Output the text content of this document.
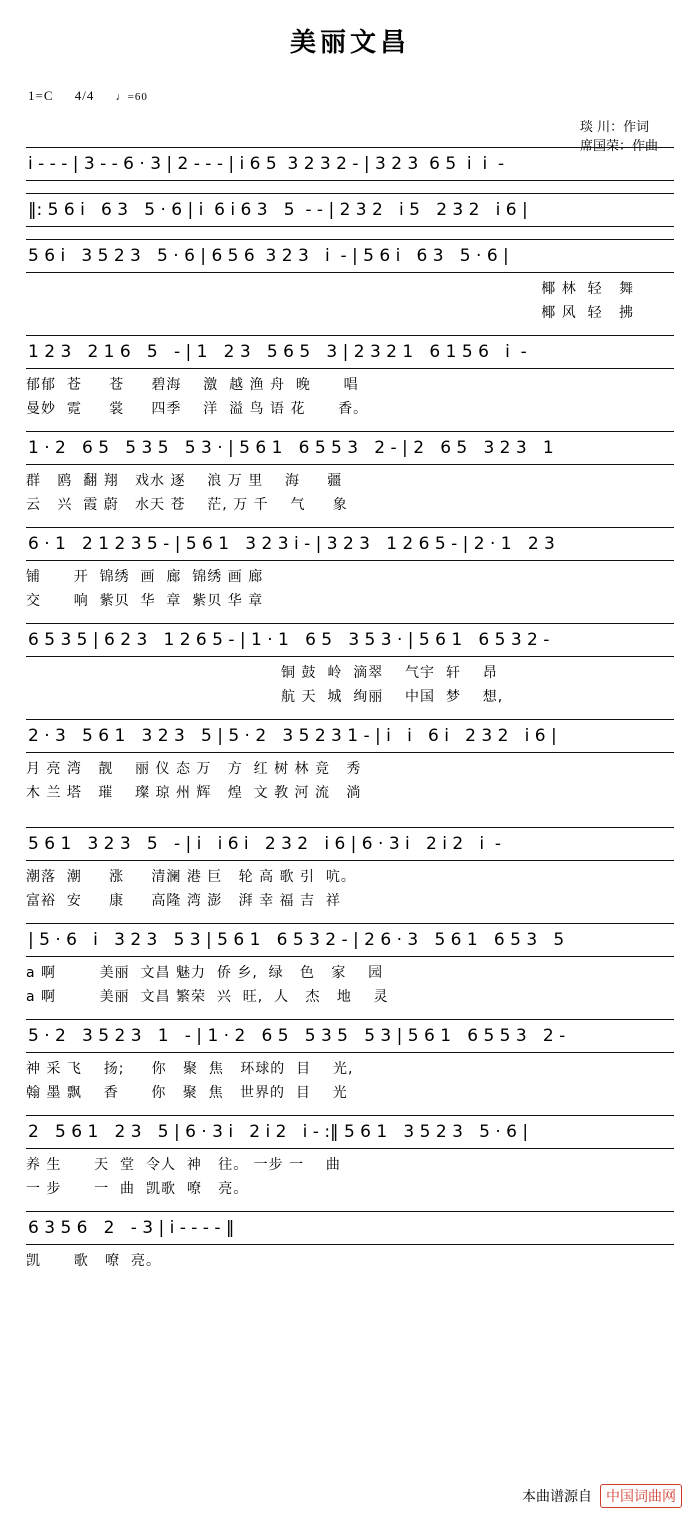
美丽文昌
1=C 4/4 ♩=60
琰 川：作词
席国荣：作曲
i - - - | 3 - - 6 · 3 | 2 - - - | i 6 5  3 2 3 2 - | 3 2 3  6 5  i  i  -
‖: 5 6 i   6 3   5 · 6 | i  6 i 6 3   5  - - | 2 3 2   i 5   2 3 2   i 6 |
5 6 i   3 5 2 3   5 · 6 | 6 5 6  3 2 3   i  - | 5 6 i   6 3   5 · 6 |
椰 林  轻   舞
椰 风  轻   拂
1 2 3   2 1 6   5   - | 1   2 3   5 6 5   3 | 2 3 2 1   6 1 5 6   i  -
郁郁  苍     苍     碧海    激  越 渔 舟  晚      唱
曼妙  霓     裳     四季    洋  溢 鸟 语 花      香。
1 · 2   6 5   5 3 5   5 3 · | 5 6 1   6 5 5 3   2 - | 2   6 5   3 2 3   1
群   鸥  翻 翔   戏水 逐    浪 万 里    海     疆
云   兴  霞 蔚   水天 苍    茫, 万 千    气     象
6 · 1   2 1 2 3 5 - | 5 6 1   3 2 3 i - | 3 2 3   1 2 6 5 - | 2 · 1   2 3
铺      开  锦绣  画  廊  锦绣 画 廊
交      响  紫贝  华  章  紫贝 华 章
6 5 3 5 | 6 2 3   1 2 6 5 - | 1 · 1   6 5   3 5 3 · | 5 6 1   6 5 3 2 -
铜 鼓  岭  滴翠    气宇  轩    昂
航 天  城  绚丽    中国  梦    想,
2 · 3   5 6 1   3 2 3   5 | 5 · 2   3 5 2 3 1 - | i   i   6 i   2 3 2   i 6 |
月 亮 湾   靓    丽 仪 态 万   方  红 树 林 竞   秀
木 兰 塔   璀    璨 琼 州 辉   煌  文 教 河 流   淌
5 6 1   3 2 3   5   - | i   i 6 i   2 3 2   i 6 | 6 · 3 i   2 i 2   i  -
潮落  潮     涨     清澜 港 巨   轮 高 歌 引  吭。
富裕  安     康     高隆 湾 澎   湃 幸 福 吉  祥
| 5 · 6   i   3 2 3   5 3 | 5 6 1   6 5 3 2 - | 2 6 · 3   5 6 1   6 5 3   5
a 啊        美丽  文昌 魅力  侨 乡,  绿   色   家    园
a 啊        美丽  文昌 繁荣  兴  旺,  人   杰   地    灵
5 · 2   3 5 2 3   1   - | 1 · 2   6 5   5 3 5   5 3 | 5 6 1   6 5 5 3   2 -
神 采 飞    扬;     你   聚  焦   环球的  目    光,
翰 墨 飘    香      你   聚  焦   世界的  目    光
2   5 6 1   2 3   5 | 6 · 3 i   2 i 2   i - :‖ 5 6 1   3 5 2 3   5 · 6 |
养 生      天  堂  令人  神   往。 一步 一    曲
一 步      一  曲  凯歌  嘹   亮。
6 3 5 6   2   - 3 | i - - - - ‖
凯      歌   嘹  亮。
本曲谱源自	中国词曲网
